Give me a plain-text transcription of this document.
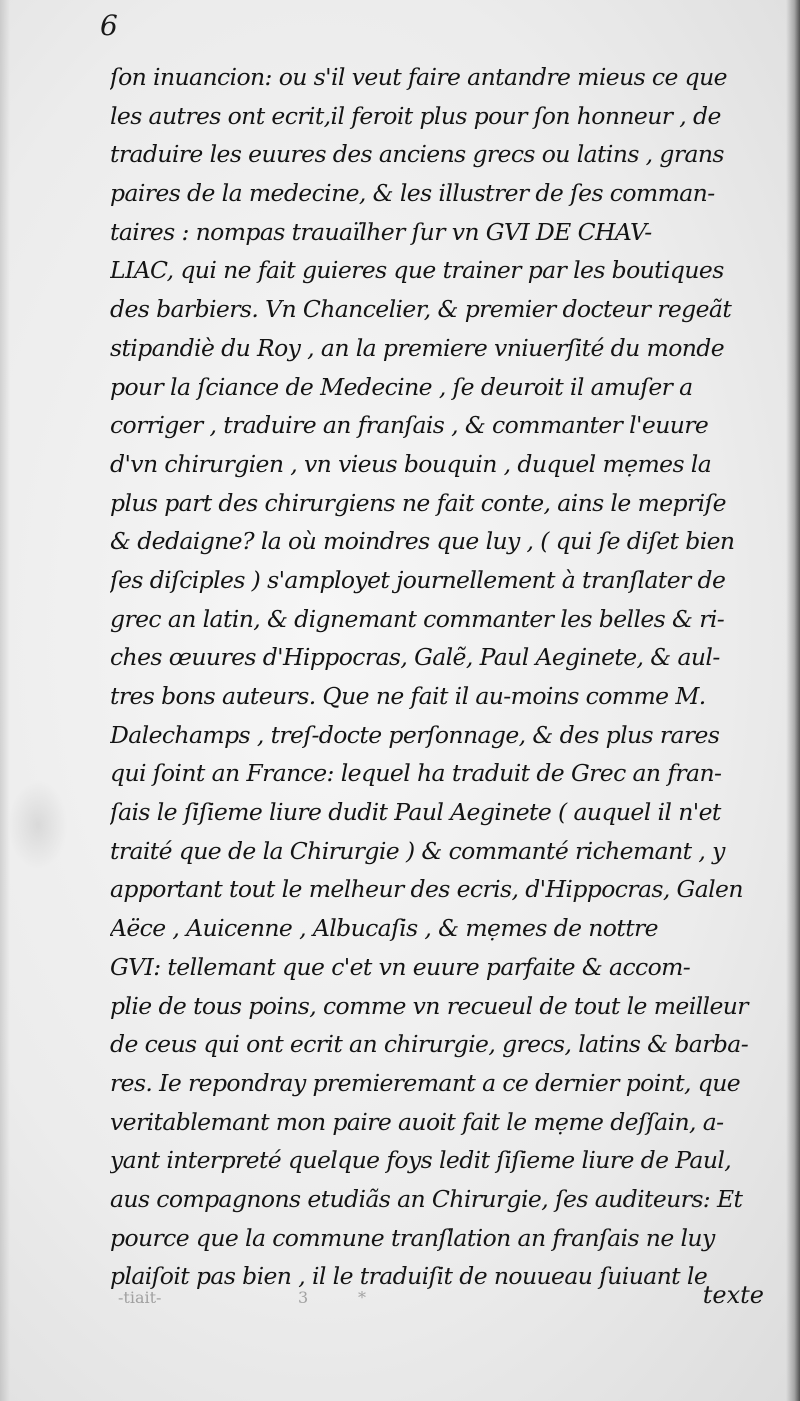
6
ſon inuancion: ou s'il veut faire antandre mieus ce que
les autres ont ecrit,il feroit plus pour ſon honneur , de
traduire les euures des anciens grecs ou latins , grans
paires de la medecine, & les illustrer de ſes comman-
taires : nompas trauaïlher ſur vn GVI DE CHAV-
LIAC, qui ne fait guieres que trainer par les boutiques
des barbiers. Vn Chancelier, & premier docteur regeãt
stipandiè du Roy , an la premiere vniuerſité du monde
pour la ſciance de Medecine , ſe deuroit il amuſer a
corriger , traduire an franſais , & commanter l'euure
d'vn chirurgien , vn vieus bouquin , duquel mẹmes la
plus part des chirurgiens ne fait conte, ains le mepriſe
& dedaigne? la où moindres que luy , ( qui ſe diſet bien
ſes diſciples ) s'amployet journellement à tranſlater de
grec an latin, & dignemant commanter les belles & ri-
ches œuures d'Hippocras, Galẽ, Paul Aeginete, & aul-
tres bons auteurs. Que ne fait il au-moins comme M.
Dalechamps , treſ-docte perſonnage, & des plus rares
qui ſoint an France: lequel ha traduit de Grec an fran-
ſais le ſiſieme liure dudit Paul Aeginete ( auquel il n'et
traité que de la Chirurgie ) & commanté richemant , y
apportant tout le melheur des ecris, d'Hippocras, Galen
Aëce , Auicenne , Albucaſis , & mẹmes de nottre
GVI: tellemant que c'et vn euure parfaite & accom-
plie de tous poins, comme vn recueul de tout le meilleur
de ceus qui ont ecrit an chirurgie, grecs, latins & barba-
res. Ie repondray premieremant a ce dernier point, que
veritablemant mon paire auoit fait le mẹme deſſain, a-
yant interpreté quelque foys ledit ſiſieme liure de Paul,
aus compagnons etudiãs an Chirurgie, ſes auditeurs: Et
pource que la commune tranſlation an franſais ne luy
plaiſoit pas bien , il le traduiſit de nouueau ſuiuant le
-tiait-	3	*	texte
